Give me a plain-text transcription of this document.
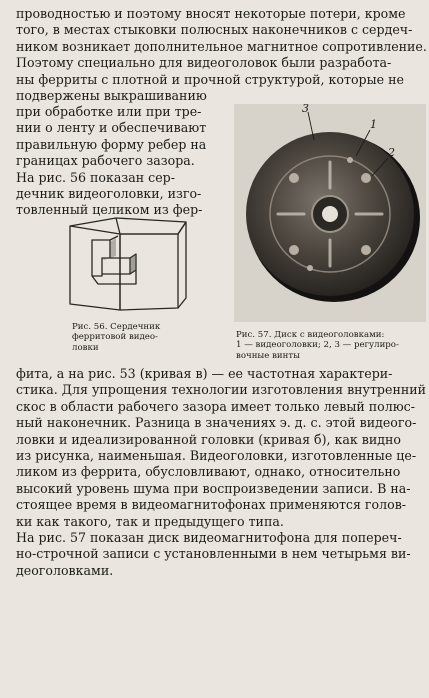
проводностью и поэтому вносят некоторые потери, кроме
того, в местах стыковки полюсных наконечников с сердеч-
ником возникает дополнительное магнитное сопротивление.
Поэтому специально для видеоголовок были разработа-
ны ферриты с плотной и прочной структурой, которые не
подвержены выкрашиванию

при обработке или при тре-
нии о ленту и обеспечивают
правильную форму ребер на
границах рабочего зазора.
На рис. 56 показан сер-
дечник видеоголовки, изго-
товленный целиком из фер-

3
1
2

Рис. 56. Сердечник
ферритовой видео-
ловки

Рис. 57. Диск с видеоголовками:
1 — видеоголовки; 2, 3 — регулиро-
вочные винты

фита, а на рис. 53 (кривая в) — ее частотная характери-
стика. Для упрощения технологии изготовления внутренний
скос в области рабочего зазора имеет только левый полюс-
ный наконечник. Разница в значениях э. д. с. этой видеого-
ловки и идеализированной головки (кривая б), как видно
из рисунка, наименьшая. Видеоголовки, изготовленные це-
ликом из феррита, обусловливают, однако, относительно
высокий уровень шума при воспроизведении записи. В на-
стоящее время в видеомагнитофонах применяются голов-
ки как такого, так и предыдущего типа.
На рис. 57 показан диск видеомагнитофона для попереч-
но-строчной записи с установленными в нем четырьмя ви-
деоголовками.
